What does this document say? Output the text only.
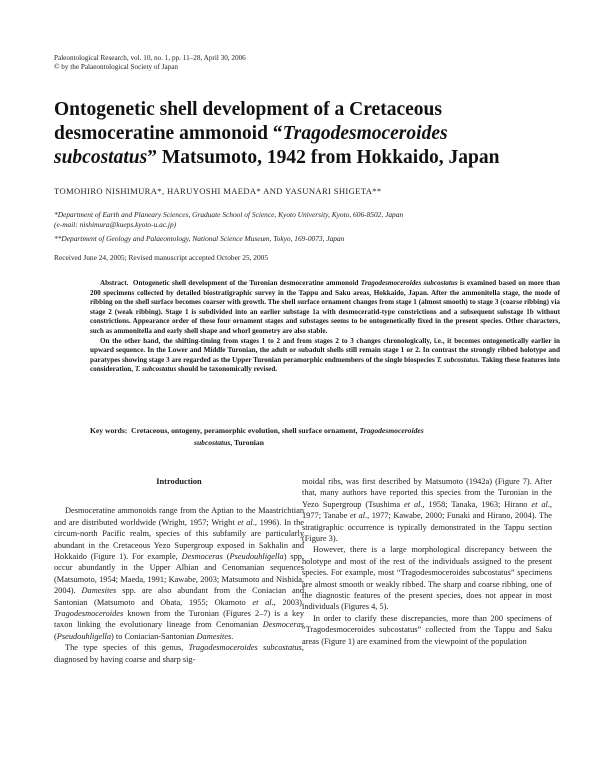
Paleontological Research, vol. 10, no. 1, pp. 11–28, April 30, 2006
© by the Palaeontological Society of Japan
Ontogenetic shell development of a Cretaceous desmoceratine ammonoid “Tragodesmoceroides subcostatus” Matsumoto, 1942 from Hokkaido, Japan
TOMOHIRO NISHIMURA*, HARUYOSHI MAEDA* AND YASUNARI SHIGETA**
*Department of Earth and Planeary Sciences, Graduate School of Science, Kyoto University, Kyoto, 606-8502, Japan
(e-mail: nishimura@kueps.kyoto-u.ac.jp)
**Department of Geology and Palaeontology, National Science Museum, Tokyo, 169-0073, Japan
Received June 24, 2005; Revised manuscript accepted October 25, 2005

Abstract. Ontogenetic shell development of the Turonian desmoceratine ammonoid Tragodesmoceroides subcostatus is examined based on more than 200 specimens collected by detailed biostratigraphic survey in the Tappu and Saku areas, Hokkaido, Japan. After the ammonitella stage, the mode of ribbing on the shell surface becomes coarser with growth. The shell surface ornament changes from stage 1 (almost smooth) to stage 3 (coarse ribbing) via stage 2 (weak ribbing). Stage 1 is subdivided into an earlier substage 1a with desmoceratid-type constrictions and a subsequent substage 1b without constrictions. Appearance order of these four ornament stages and substages seems to be ontogenetically fixed in the present species. Other characters, such as ammonitella and early shell shape and whorl geometry are also stable.

On the other hand, the shifting-timing from stages 1 to 2 and from stages 2 to 3 changes chronologically, i.e., it becomes ontogenetically earlier in upward sequence. In the Lower and Middle Turonian, the adult or subadult shells still remain stage 1 or 2. In contrast the strongly ribbed holotype and paratypes showing stage 3 are regarded as the Upper Turonian peramorphic endmembers of the single biospecies T. subcostatus. Taking these features into consideration, T. subcostatus should be taxonomically revised.

Key words: Cretaceous, ontogeny, peramorphic evolution, shell surface ornament, Tragodesmoceroides
subcostatus, Turonian
Introduction

Desmoceratine ammonoids range from the Aptian to the Maastrichtian and are distributed worldwide (Wright, 1957; Wright et al., 1996). In the circum-north Pacific realm, species of this subfamily are particularly abundant in the Cretaceous Yezo Supergroup exposed in Sakhalin and Hokkaido (Figure 1). For example, Desmoceras (Pseudouhligella) spp. occur abundantly in the Upper Albian and Cenomanian sequences (Matsumoto, 1954; Maeda, 1991; Kawabe, 2003; Matsumoto and Nishida, 2004). Damesites spp. are also abundant from the Coniacian and Santonian (Matsumoto and Obata, 1955; Okamoto et al., 2003). Tragodesmoceroides known from the Turonian (Figures 2–7) is a key taxon linking the evolutionary lineage from Cenomanian Desmoceras (Pseudouhligella) to Coniacian-Santonian Damesites.

The type species of this genus, Tragodesmoceroides subcostatus, diagnosed by having coarse and sharp sig-

moidal ribs, was first described by Matsumoto (1942a) (Figure 7). After that, many authors have reported this species from the Turonian in the Yezo Supergroup (Tsushima et al., 1958; Tanaka, 1963; Hirano et al., 1977; Tanabe et al., 1977; Kawabe, 2000; Funaki and Hirano, 2004). The stratigraphic occurrence is typically demonstrated in the Tappu section (Figure 3).

However, there is a large morphological discrepancy between the holotype and most of the rest of the individuals assigned to the present species. For example, most “Tragodesmoceroides subcostatus” specimens are almost smooth or weakly ribbed. The sharp and coarse ribbing, one of the diagnostic features of the present species, does not appear in most individuals (Figures 4, 5).

In order to clarify these discrepancies, more than 200 specimens of “Tragodesmoceroides subcostatus” collected from the Tappu and Saku areas (Figure 1) are examined from the viewpoint of the population
